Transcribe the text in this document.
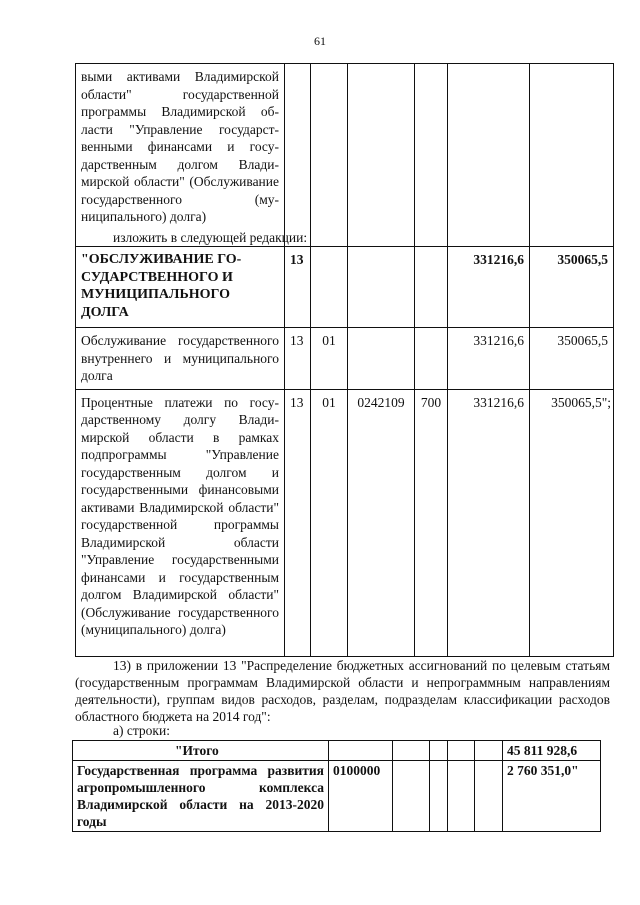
61
выми активами Владимирской области" государственной программы Владимирской области "Управление государственными финансами и государственным долгом Владимирской области" (Обслуживание государственного (муниципального) долга)						
изложить в следующей редакции:
"ОБСЛУЖИВАНИЕ ГОСУДАРСТВЕННОГО И МУНИЦИПАЛЬНОГО ДОЛГА	13				331216,6	350065,5
Обслуживание государственного внутреннего и муниципального долга	13	01			331216,6	350065,5
Процентные платежи по государственному долгу Владимирской области в рамках подпрограммы "Управление государственным долгом и государственными финансовыми активами Владимирской области" государственной программы Владимирской области "Управление государственными финансами и государственным долгом Владимирской области" (Обслуживание государственного (муниципального) долга)	13	01	0242109	700	331216,6	350065,5";
13) в приложении 13 "Распределение бюджетных ассигнований по целевым статьям (государственным программам Владимирской области и непрограммным направлениям деятельности), группам видов расходов, разделам, подразделам классификации расходов областного бюджета на 2014 год":
а) строки:
"Итого						45 811 928,6
Государственная программа развития агропромышленного комплекса Владимирской области на 2013-2020 годы	0100000					2 760 351,0"
